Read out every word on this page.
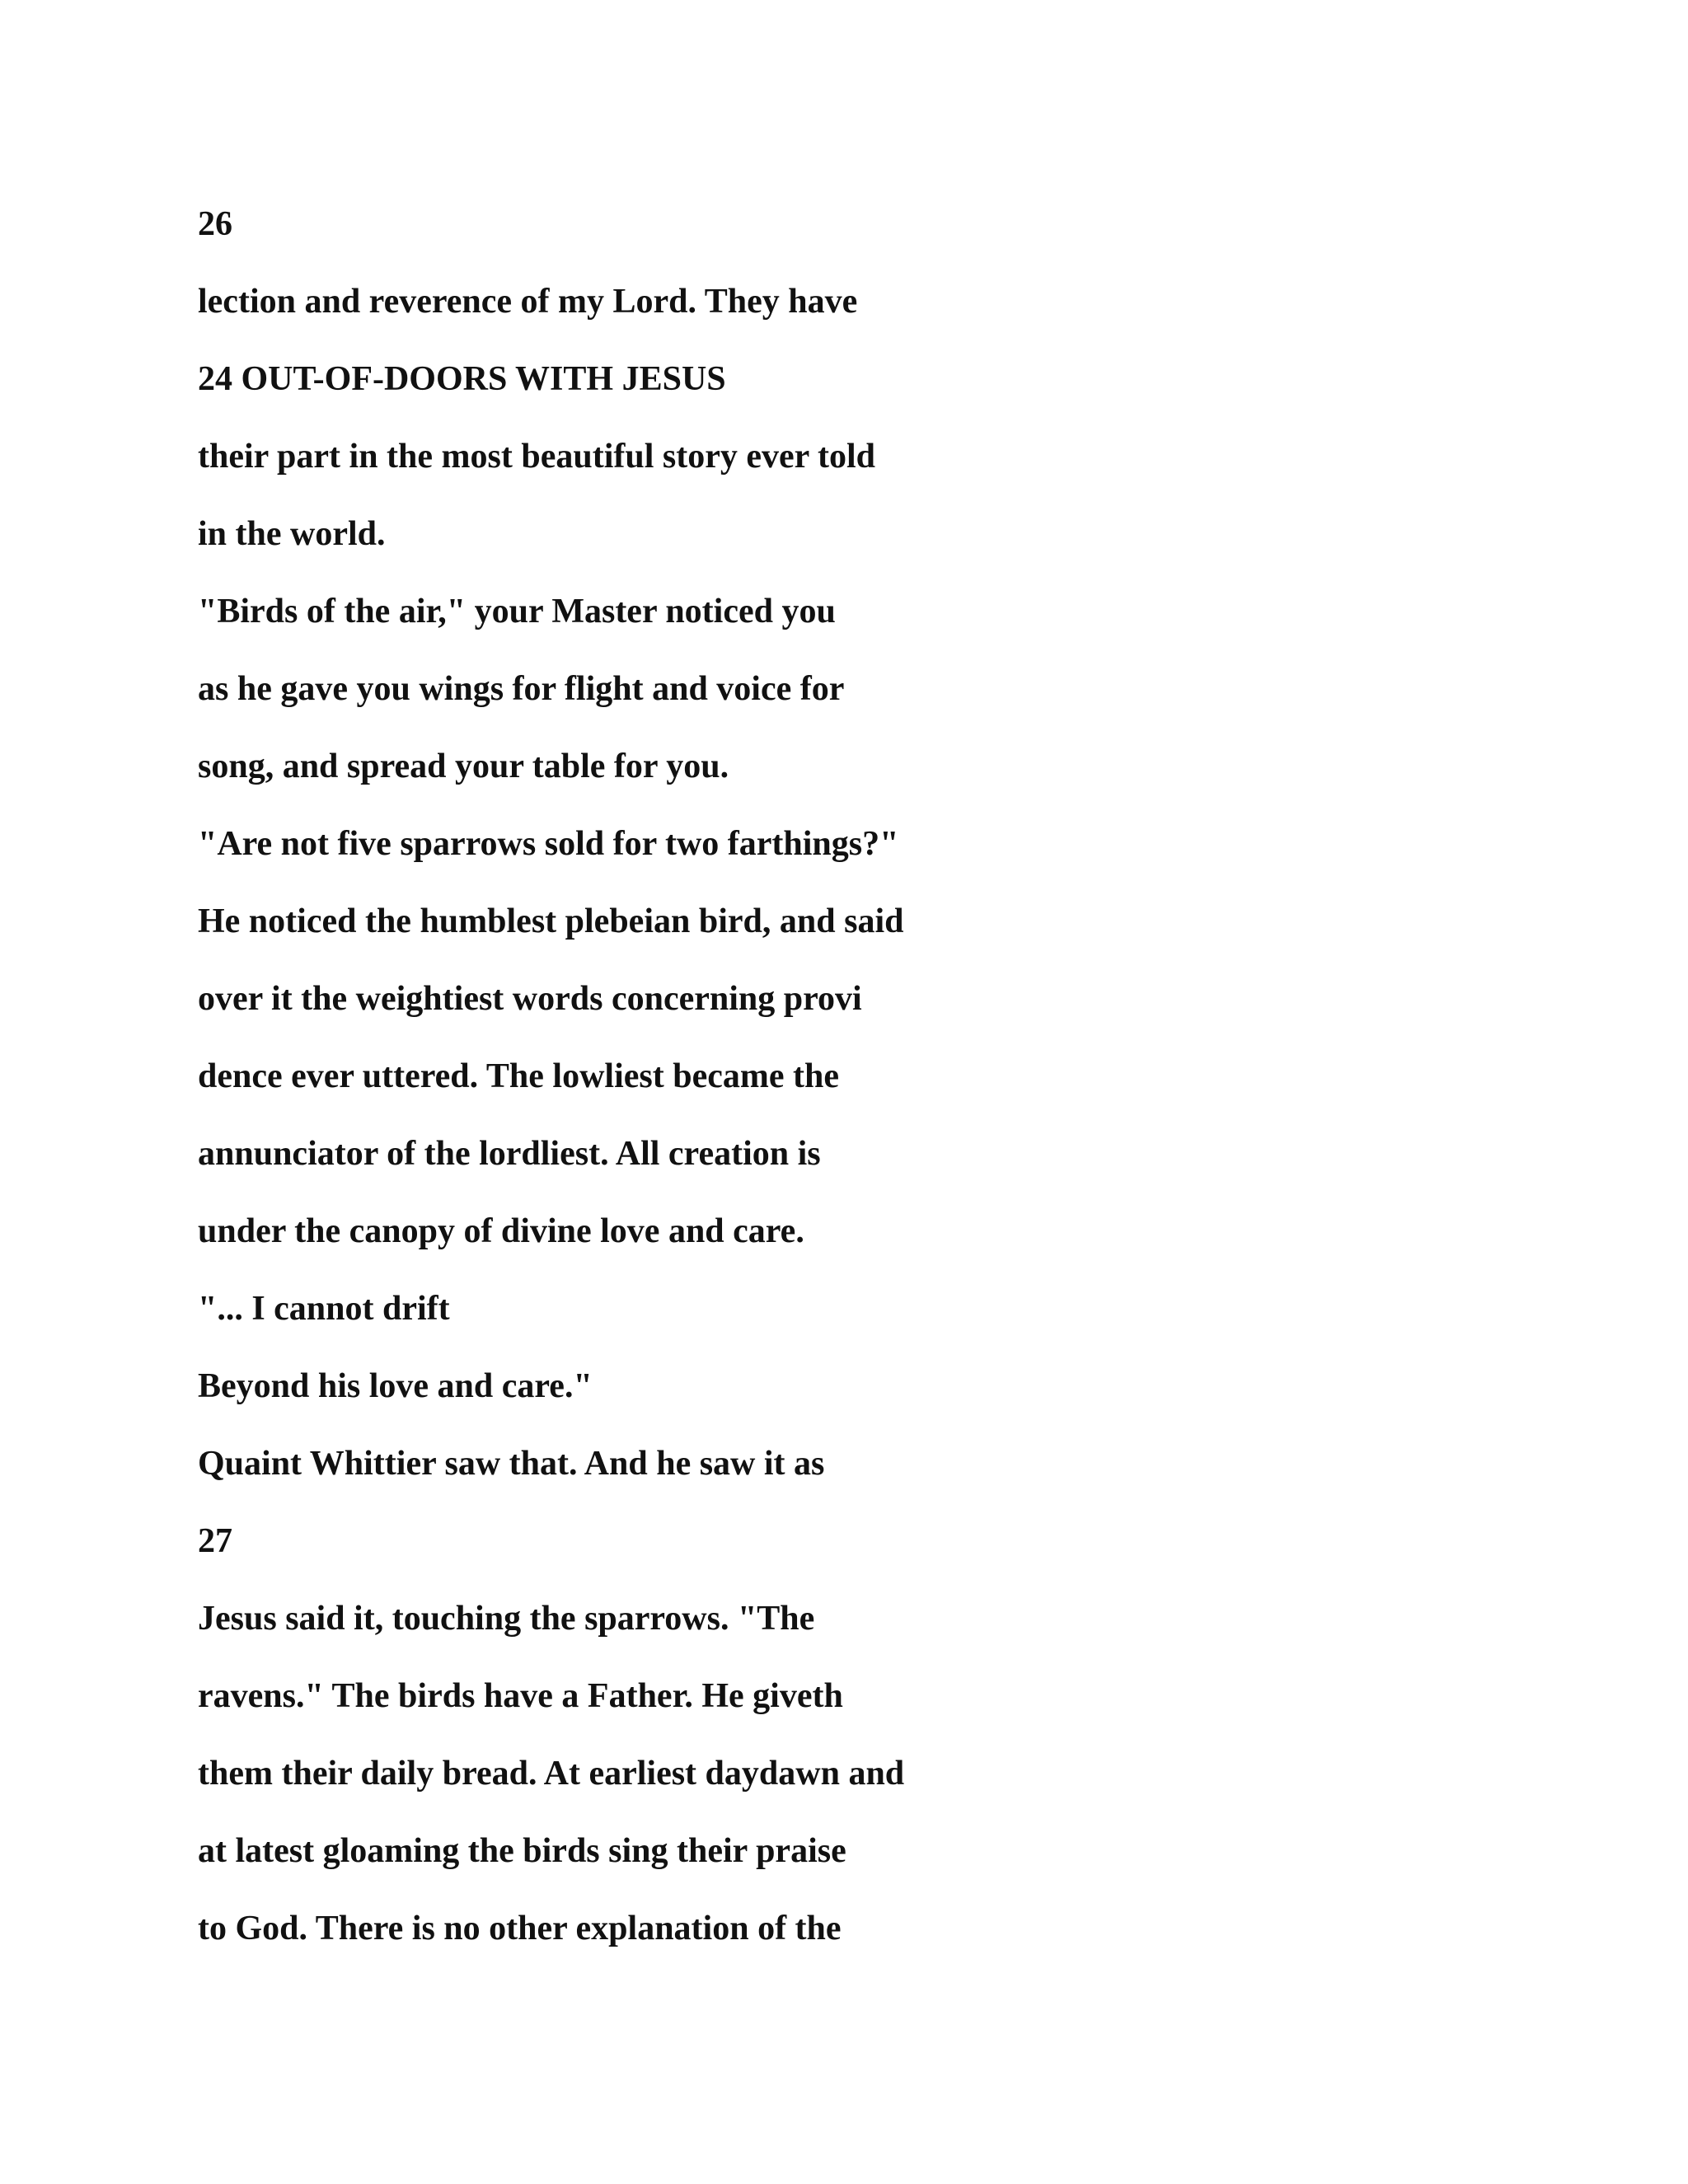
26

lection and reverence of my Lord. They have

24 OUT-OF-DOORS WITH JESUS

their part in the most beautiful story ever told

in the world.

"Birds of the air," your Master noticed you

as he gave you wings for flight and voice for

song, and spread your table for you.

"Are not five sparrows sold for two farthings?"

He noticed the humblest plebeian bird, and said

over it the weightiest words concerning provi

dence ever uttered. The lowliest became the

annunciator of the lordliest. All creation is

under the canopy of divine love and care.

"... I cannot drift

Beyond his love and care."

Quaint Whittier saw that. And he saw it as

27

Jesus said it, touching the sparrows. "The

ravens." The birds have a Father. He giveth

them their daily bread. At earliest daydawn and

at latest gloaming the birds sing their praise

to God. There is no other explanation of the
